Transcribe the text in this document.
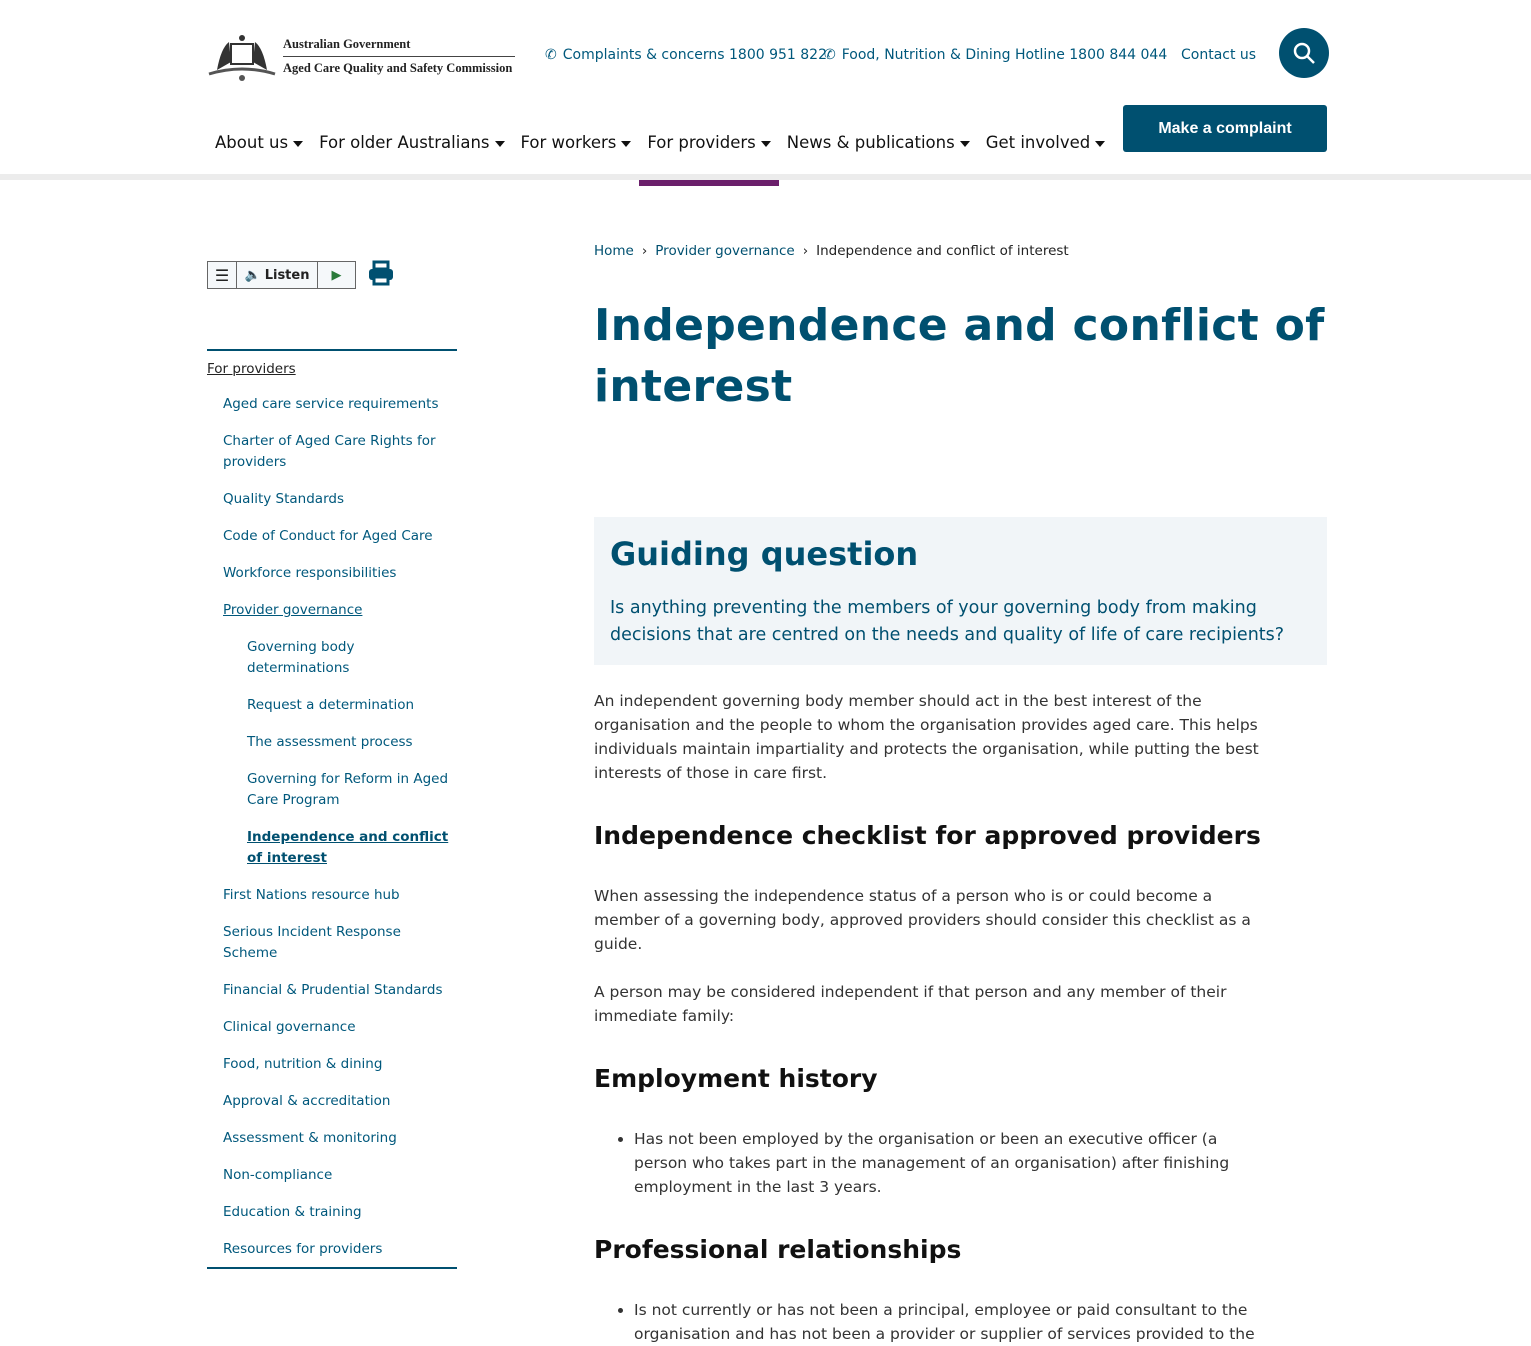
Australian Government
Aged Care Quality and Safety Commission
✆ Complaints & concerns 1800 951 822
✆ Food, Nutrition & Dining Hotline 1800 844 044 Contact us
Make a complaint
About us	For older Australians	For workers	For providers	News & publications	Get involved
☰ 🔈 Listen ▶
For providers
Aged care service requirements
Charter of Aged Care Rights for providers
Quality Standards
Code of Conduct for Aged Care
Workforce responsibilities
Provider governance
Governing body determinations
Request a determination
The assessment process
Governing for Reform in Aged Care Program
Independence and conflict of interest
First Nations resource hub
Serious Incident Response Scheme
Financial & Prudential Standards
Clinical governance
Food, nutrition & dining
Approval & accreditation
Assessment & monitoring
Non-compliance
Education & training
Resources for providers
Home › Provider governance › Independence and conflict of interest
Independence and conflict of interest
Guiding question

Is anything preventing the members of your governing body from making decisions that are centred on the needs and quality of life of care recipients?

An independent governing body member should act in the best interest of the organisation and the people to whom the organisation provides aged care. This helps individuals maintain impartiality and protects the organisation, while putting the best interests of those in care first.

Independence checklist for approved providers

When assessing the independence status of a person who is or could become a member of a governing body, approved providers should consider this checklist as a guide.

A person may be considered independent if that person and any member of their immediate family:

Employment history
• Has not been employed by the organisation or been an executive officer (a person who takes part in the management of an organisation) after finishing employment in the last 3 years.
Professional relationships
• Is not currently or has not been a principal, employee or paid consultant to the organisation and has not been a provider or supplier of services provided to the
